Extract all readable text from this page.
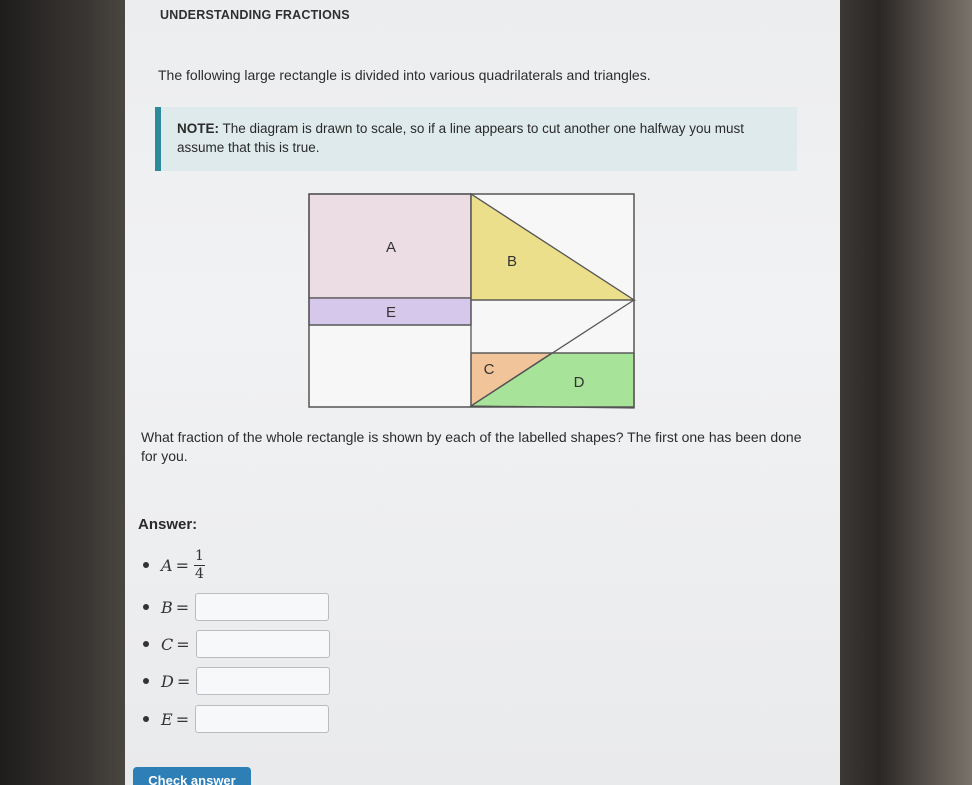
UNDERSTANDING FRACTIONS
The following large rectangle is divided into various quadrilaterals and triangles.
NOTE: The diagram is drawn to scale, so if a line appears to cut another one halfway you must assume that this is true.
A
B
E
C
D
What fraction of the whole rectangle is shown by each of the labelled shapes? The first one has been done for you.
Answer:
$A = \frac{1}{4}$
B =
C =
D =
E =
Check answer
